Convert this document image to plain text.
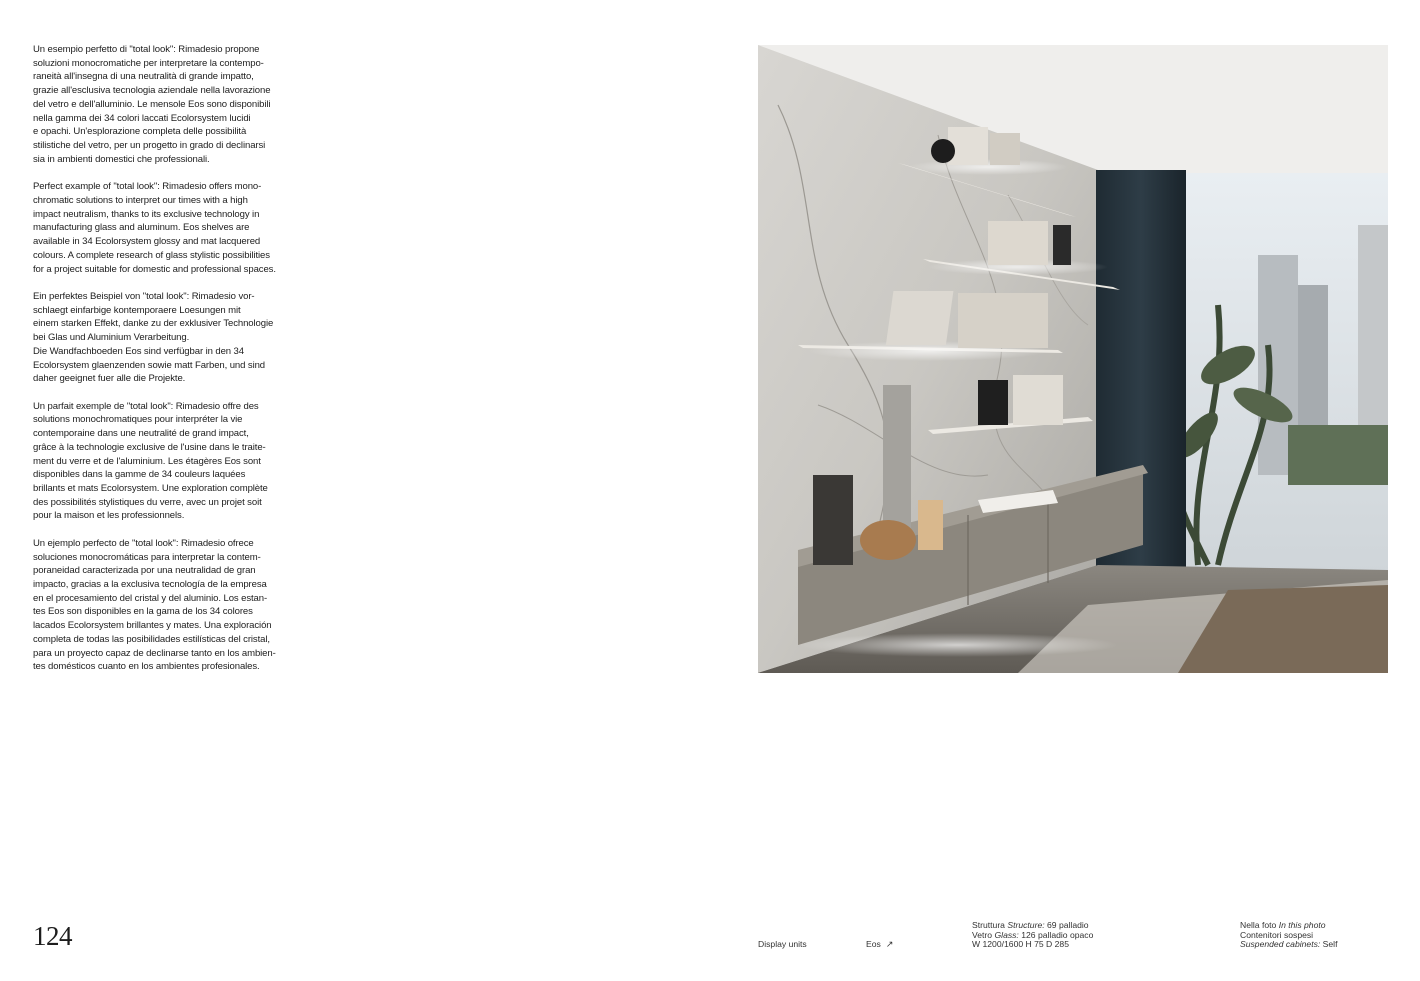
Un esempio perfetto di "total look": Rimadesio propone
soluzioni monocromatiche per interpretare la contempo-
raneità all'insegna di una neutralità di grande impatto,
grazie all'esclusiva tecnologia aziendale nella lavorazione
del vetro e dell'alluminio. Le mensole Eos sono disponibili
nella gamma dei 34 colori laccati Ecolorsystem lucidi
e opachi. Un'esplorazione completa delle possibilità
stilistiche del vetro, per un progetto in grado di declinarsi
sia in ambienti domestici che professionali.

Perfect example of "total look": Rimadesio offers mono-
chromatic solutions to interpret our times with a high
impact neutralism, thanks to its exclusive technology in
manufacturing glass and aluminum. Eos shelves are
available in 34 Ecolorsystem glossy and mat lacquered
colours. A complete research of glass stylistic possibilities
for a project suitable for domestic and professional spaces.

Ein perfektes Beispiel von "total look": Rimadesio vor-
schlaegt einfarbige kontemporaere Loesungen mit
einem starken Effekt, danke zu der exklusiver Technologie
bei Glas und Aluminium Verarbeitung.
Die Wandfachboeden Eos sind verfügbar in den 34
Ecolorsystem glaenzenden sowie matt Farben, und sind
daher geeignet fuer alle die Projekte.

Un parfait exemple de "total look": Rimadesio offre des
solutions monochromatiques pour interpréter la vie
contemporaine dans une neutralité de grand impact,
grâce à la technologie exclusive de l'usine dans le traite-
ment du verre et de l'aluminium. Les étagères Eos sont
disponibles dans la gamme de 34 couleurs laquées
brillants et mats Ecolorsystem. Une exploration complète
des possibilités stylistiques du verre, avec un projet soit
pour la maison et les professionnels.

Un ejemplo perfecto de "total look": Rimadesio ofrece
soluciones monocromáticas para interpretar la contem-
poraneidad caracterizada por una neutralidad de gran
impacto, gracias a la exclusiva tecnología de la empresa
en el procesamiento del cristal y del aluminio. Los estan-
tes Eos son disponibles en la gama de los 34 colores
lacados Ecolorsystem brillantes y mates. Una exploración
completa de todas las posibilidades estilísticas del cristal,
para un proyecto capaz de declinarse tanto en los ambien-
tes domésticos cuanto en los ambientes profesionales.

124	Display units	Eos ↗
Struttura Structure: 69 palladio
Vetro Glass: 126 palladio opaco
W 1200/1600 H 75 D 285
Nella foto In this photo
Contenitori sospesi
Suspended cabinets: Self
